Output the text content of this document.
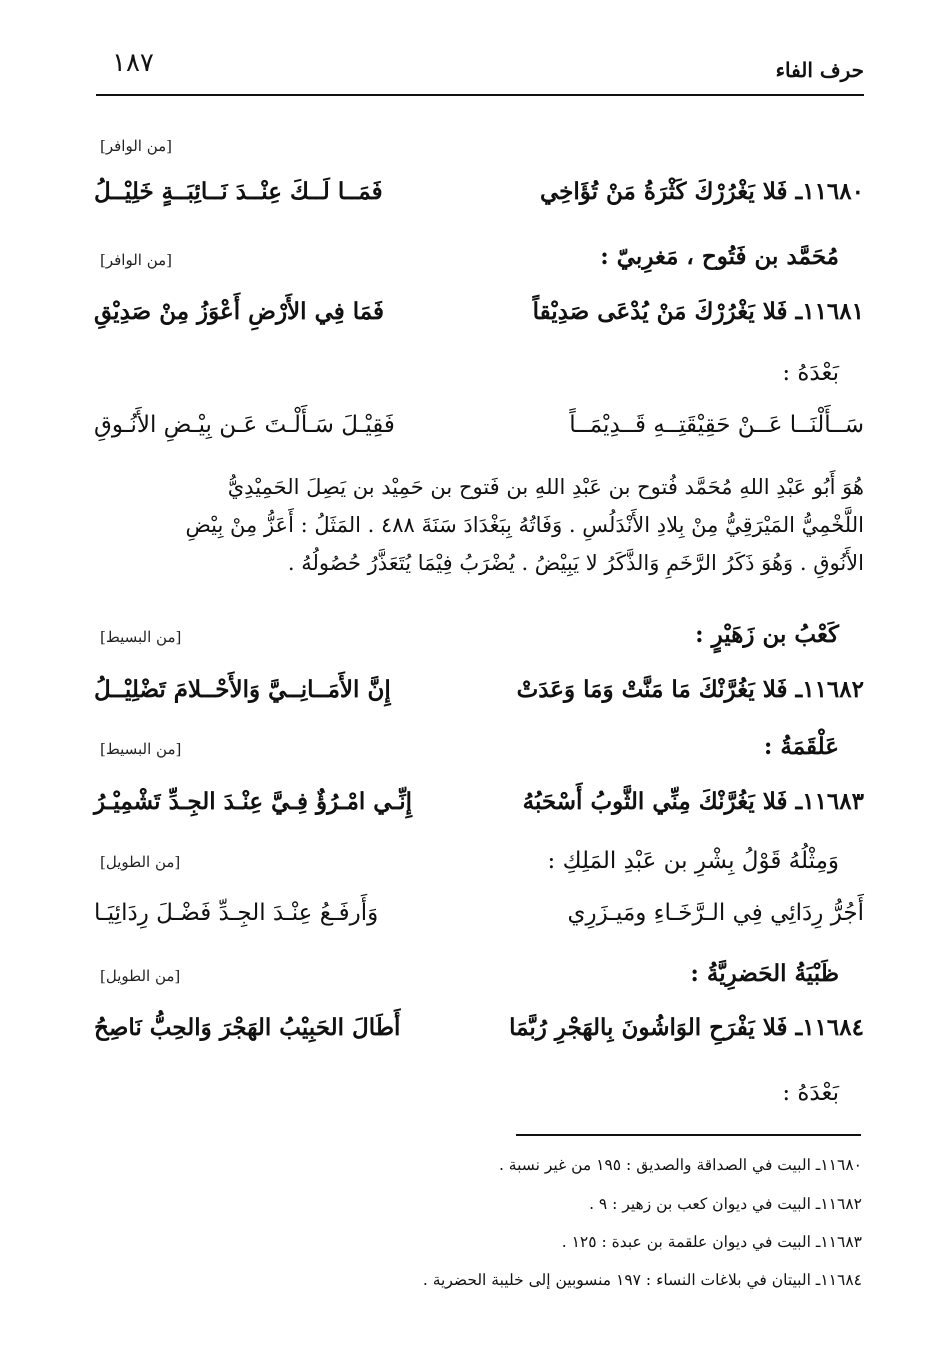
حرف الفاء
١٨٧
[من الوافر]
١١٦٨٠ـ فَلا يَغْرُرْكَ كَثْرَةُ مَنْ تُؤَاخِي
فَمَــا لَــكَ عِنْــدَ نَــائِبَــةٍ خَلِيْــلُ
مُحَمَّد بن فَتُوح ، مَغرِبيّ :
[من الوافر]
١١٦٨١ـ فَلا يَغْرُرْكَ مَنْ يُدْعَى صَدِيْقاً
فَمَا فِي الأَرْضِ أَعْوَزُ مِنْ صَدِيْقِ
بَعْدَهُ :
سَــأَلْنَــا عَــنْ حَقِيْقَتِــهِ قَــدِيْمَــاً
فَقِيْـلَ سَـأَلْـتَ عَـن بِيْـضِ الأَنُـوقِ

هُوَ أَبُو عَبْدِ اللهِ مُحَمَّد فُتوح بن عَبْدِ اللهِ بن فَتوح بن حَمِيْد بن يَصِلَ الحَمِيْدِيُّ

اللَّخْمِيُّ المَيْرَقِيُّ مِنْ بِلادِ الأَنْدَلُسِ . وَفَاتُهُ بِبَغْدَادَ سَنَةَ ٤٨٨ . المَثَلُ : أَعَزُّ مِنْ بِيْضِ

الأَنُوقِ . وَهُوَ ذَكَرُ الرَّخَمِ وَالذَّكَرُ لا يَبِيْضُ . يُضْرَبُ فِيْمَا يُتَعَذَّرُ حُصُولُهُ .

كَعْبُ بن زَهَيْرٍ :
[من البسيط]
١١٦٨٢ـ فَلا يَغُرَّنْكَ مَا مَنَّتْ وَمَا وَعَدَتْ
إِنَّ الأَمَــانِــيَّ وَالأَحْــلامَ تَضْلِيْــلُ
عَلْقَمَةُ :
[من البسيط]
١١٦٨٣ـ فَلا يَغُرَّنْكَ مِنِّي الثَّوبُ أَسْحَبُهُ
إِنِّـي امْـرُؤٌ فِـيَّ عِنْـدَ الجِـدِّ تَشْمِيْـرُ
وَمِثْلُهُ قَوْلُ بِشْرِ بن عَبْدِ المَلِكِ :
[من الطويل]
أَجُرُّ رِدَائِي فِي الـرَّخَـاءِ ومَيـزَرِي
وَأَرفَـعُ عِنْـدَ الجِـدِّ فَضْـلَ رِدَائِيَـا
ظَبْيَةُ الحَضرِيَّةُ :
[من الطويل]
١١٦٨٤ـ فَلا يَفْرَحِ الوَاشُونَ بِالهَجْرِ رُبَّمَا
أَطَالَ الحَبِيْبُ الهَجْرَ وَالحِبُّ نَاصِحُ
بَعْدَهُ :
١١٦٨٠ـ البيت في الصداقة والصديق : ١٩٥ من غير نسبة .
١١٦٨٢ـ البيت في ديوان كعب بن زهير : ٩ .
١١٦٨٣ـ البيت في ديوان علقمة بن عبدة : ١٢٥ .
١١٦٨٤ـ البيتان في بلاغات النساء : ١٩٧ منسوبين إلى خليبة الحضرية .
